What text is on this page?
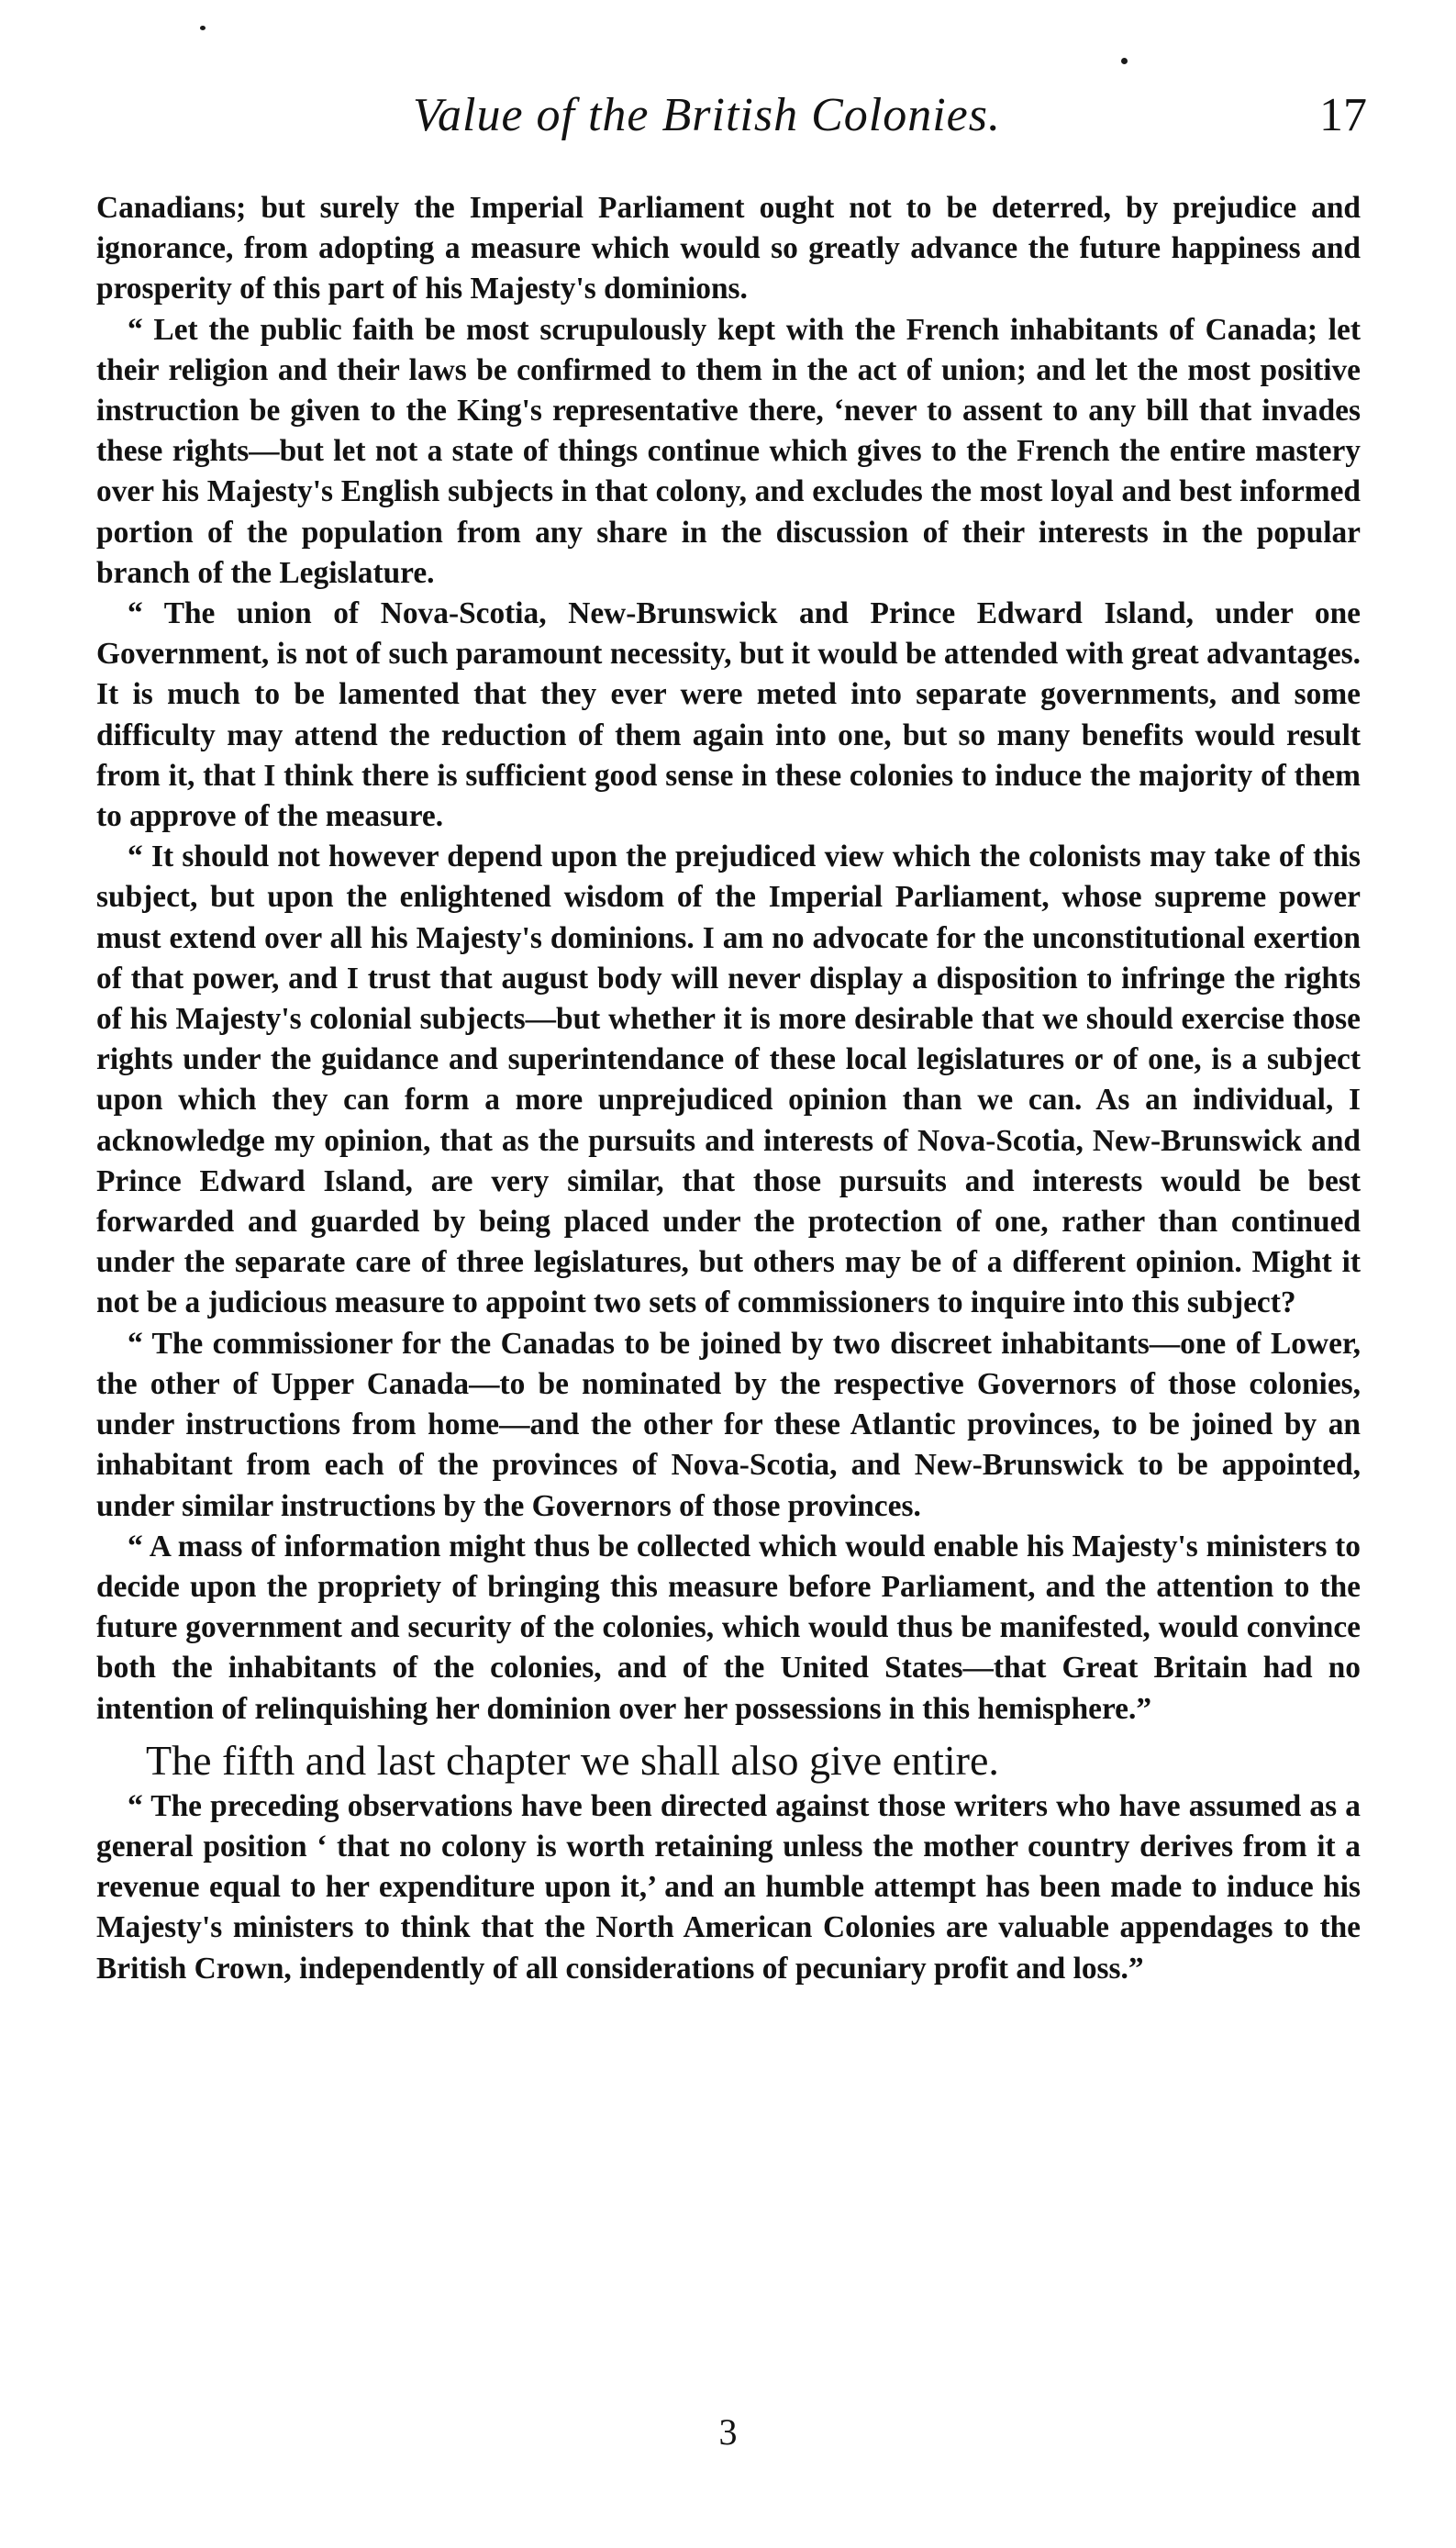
Value of the British Colonies.	17

Canadians; but surely the Imperial Parliament ought not to be deterred, by prejudice and ignorance, from adopting a measure which would so greatly advance the future happiness and prosperity of this part of his Majesty's dominions.

“ Let the public faith be most scrupulously kept with the French inhabitants of Canada; let their religion and their laws be confirmed to them in the act of union; and let the most positive instruction be given to the King's representative there, ‘never to assent to any bill that invades these rights—but let not a state of things continue which gives to the French the entire mastery over his Majesty's English subjects in that colony, and excludes the most loyal and best informed portion of the population from any share in the discussion of their interests in the popular branch of the Legislature.

“ The union of Nova-Scotia, New-Brunswick and Prince Edward Island, under one Government, is not of such paramount necessity, but it would be attended with great advantages. It is much to be lamented that they ever were meted into separate governments, and some difficulty may attend the reduction of them again into one, but so many benefits would result from it, that I think there is sufficient good sense in these colonies to induce the majority of them to approve of the measure.

“ It should not however depend upon the prejudiced view which the colonists may take of this subject, but upon the enlightened wisdom of the Imperial Parliament, whose supreme power must extend over all his Majesty's dominions. I am no advocate for the unconstitutional exertion of that power, and I trust that august body will never display a disposition to infringe the rights of his Majesty's colonial subjects—but whether it is more desirable that we should exercise those rights under the guidance and superintendance of these local legislatures or of one, is a subject upon which they can form a more unprejudiced opinion than we can. As an individual, I acknowledge my opinion, that as the pursuits and interests of Nova-Scotia, New-Brunswick and Prince Edward Island, are very similar, that those pursuits and interests would be best forwarded and guarded by being placed under the protection of one, rather than continued under the separate care of three legislatures, but others may be of a different opinion. Might it not be a judicious measure to appoint two sets of commissioners to inquire into this subject?

“ The commissioner for the Canadas to be joined by two discreet inhabitants—one of Lower, the other of Upper Canada—to be nominated by the respective Governors of those colonies, under instructions from home—and the other for these Atlantic provinces, to be joined by an inhabitant from each of the provinces of Nova-Scotia, and New-Brunswick to be appointed, under similar instructions by the Governors of those provinces.

“ A mass of information might thus be collected which would enable his Majesty's ministers to decide upon the propriety of bringing this measure before Parliament, and the attention to the future government and security of the colonies, which would thus be manifested, would convince both the inhabitants of the colonies, and of the United States—that Great Britain had no intention of relinquishing her dominion over her possessions in this hemisphere.”

The fifth and last chapter we shall also give entire.

“ The preceding observations have been directed against those writers who have assumed as a general position ‘ that no colony is worth retaining unless the mother country derives from it a revenue equal to her expenditure upon it,’ and an humble attempt has been made to induce his Majesty's ministers to think that the North American Colonies are valuable appendages to the British Crown, independently of all considerations of pecuniary profit and loss.”

3
